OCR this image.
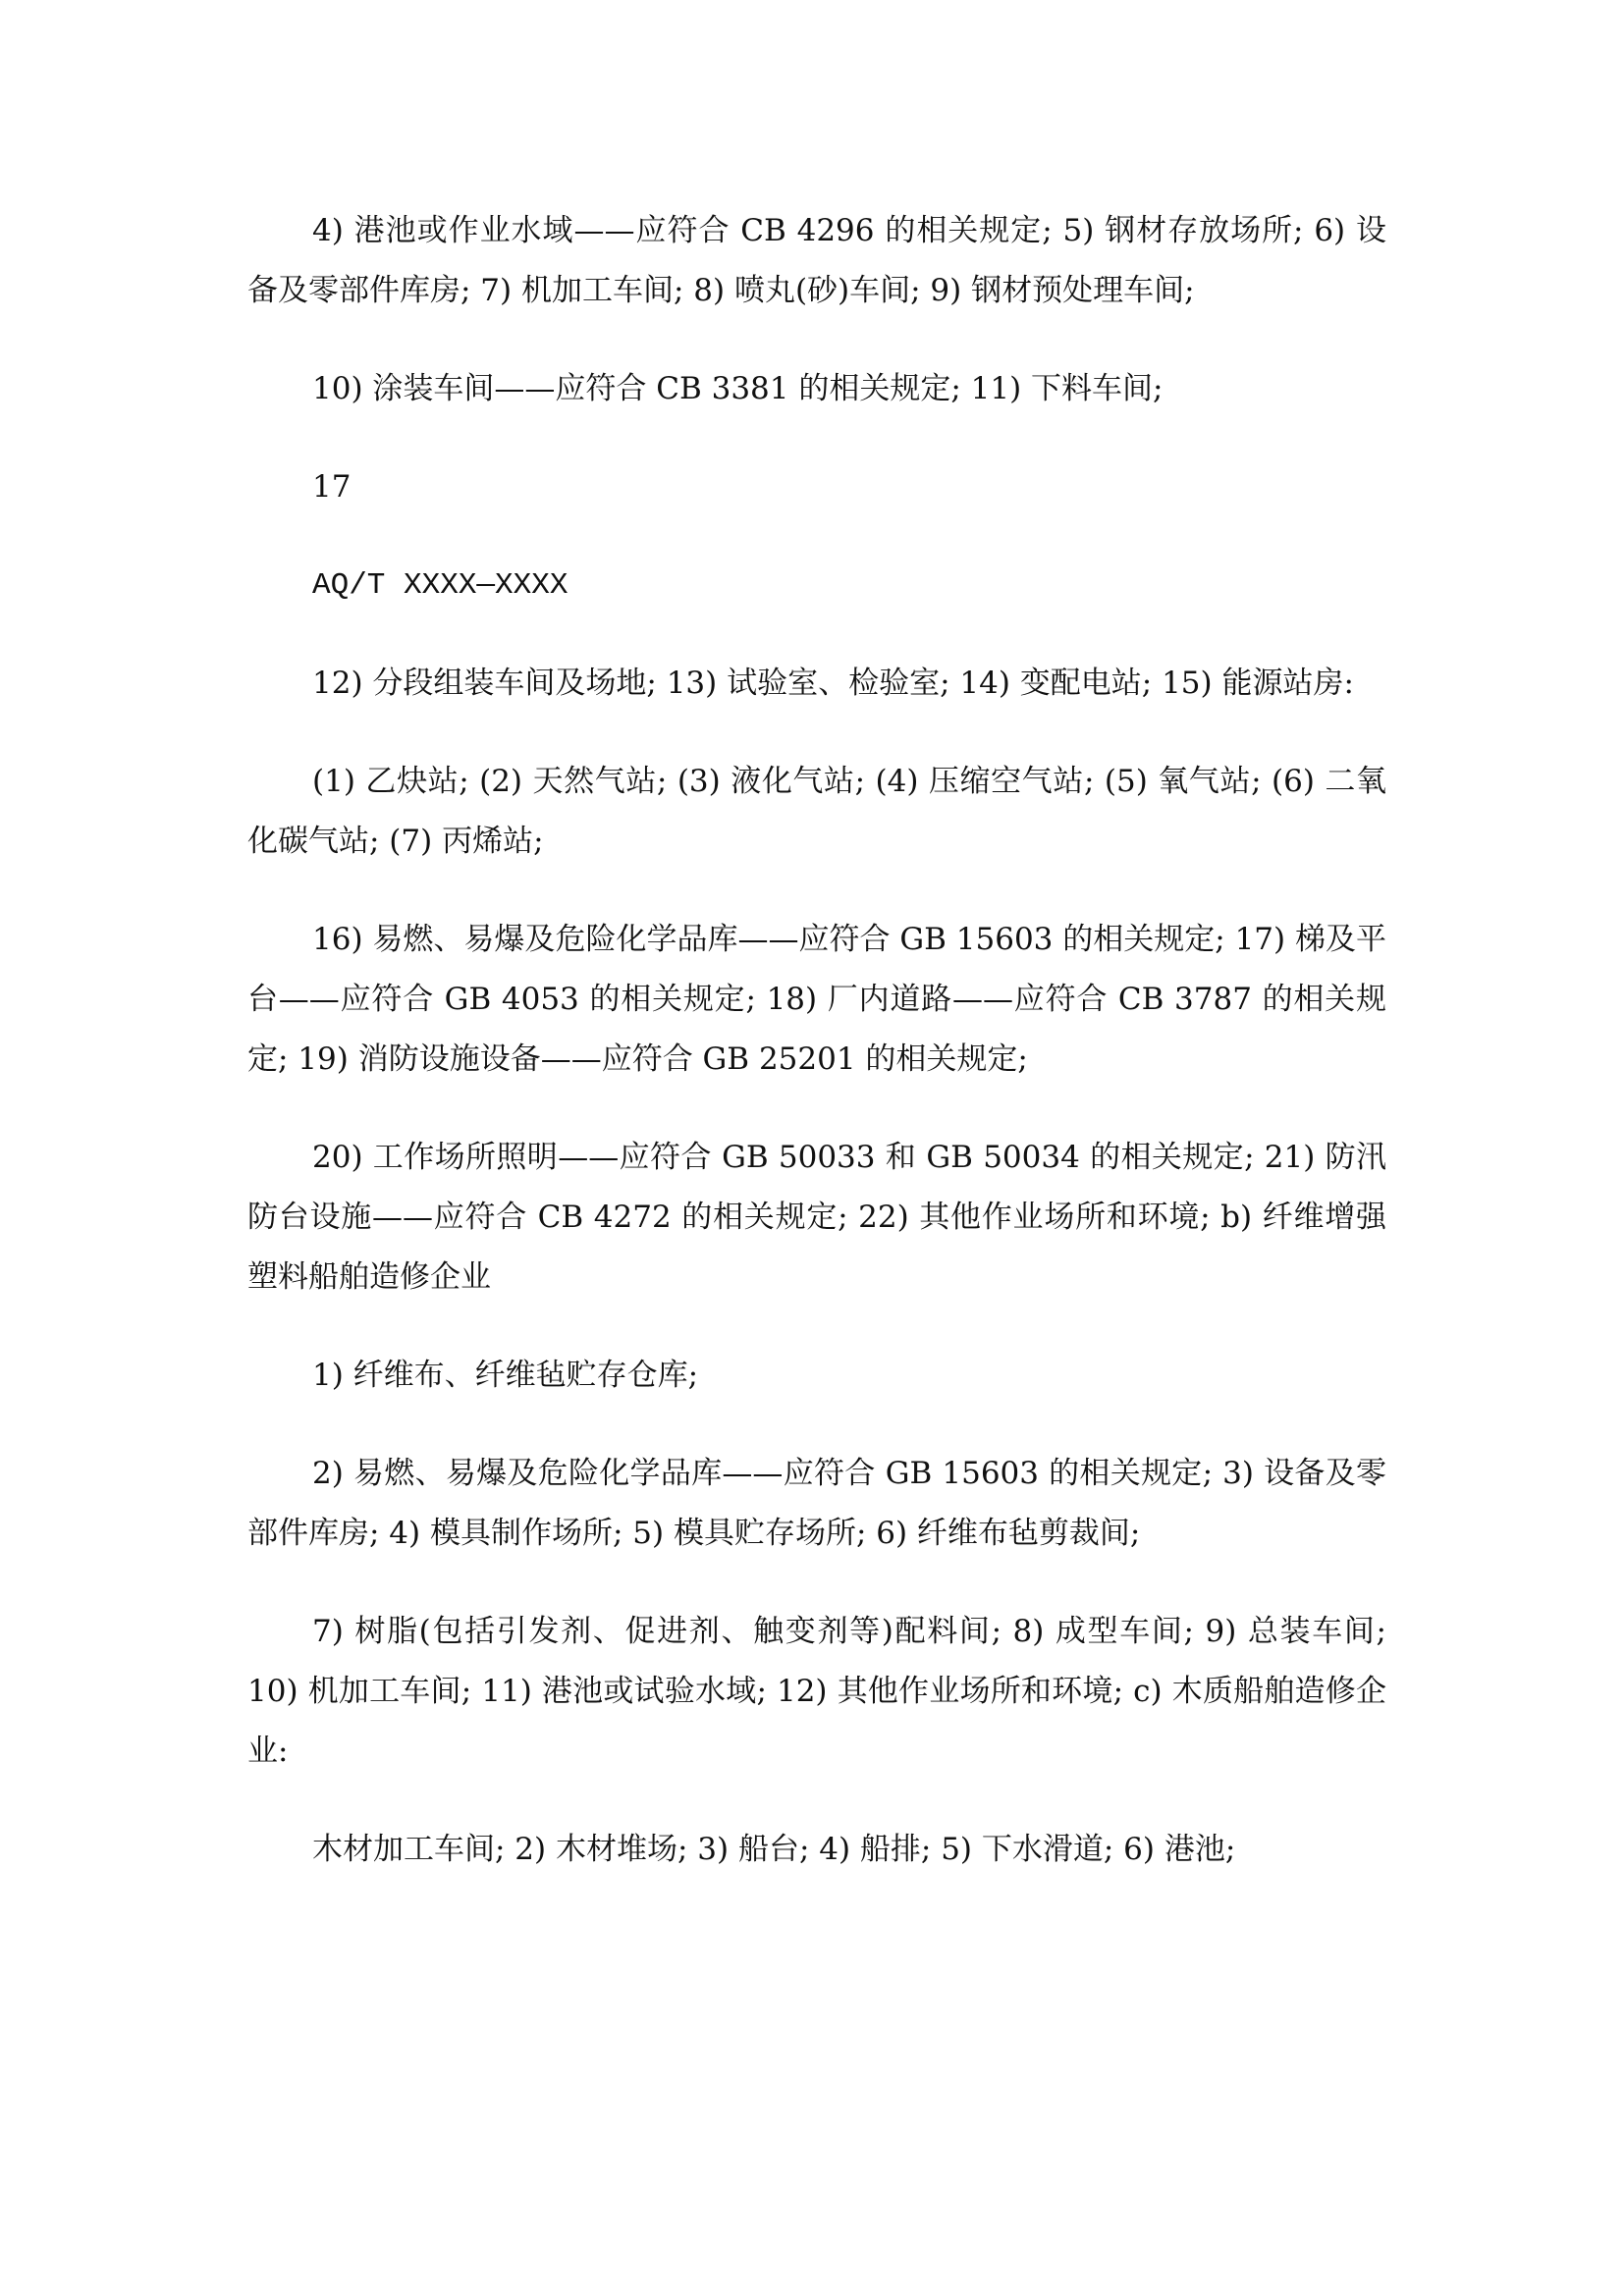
4) 港池或作业水域——应符合 CB 4296 的相关规定; 5) 钢材存放场所; 6) 设备及零部件库房; 7) 机加工车间; 8) 喷丸(砂)车间; 9) 钢材预处理车间;

10) 涂装车间——应符合 CB 3381 的相关规定; 11) 下料车间;

17

AQ/T XXXX—XXXX

12) 分段组装车间及场地; 13) 试验室、检验室; 14) 变配电站; 15) 能源站房:

(1) 乙炔站; (2) 天然气站; (3) 液化气站; (4) 压缩空气站; (5) 氧气站; (6) 二氧化碳气站; (7) 丙烯站;

16) 易燃、易爆及危险化学品库——应符合 GB 15603 的相关规定; 17) 梯及平台——应符合 GB 4053 的相关规定; 18) 厂内道路——应符合 CB 3787 的相关规定; 19) 消防设施设备——应符合 GB 25201 的相关规定;

20) 工作场所照明——应符合 GB 50033 和 GB 50034 的相关规定; 21) 防汛防台设施——应符合 CB 4272 的相关规定; 22) 其他作业场所和环境; b) 纤维增强塑料船舶造修企业

1) 纤维布、纤维毡贮存仓库;

2) 易燃、易爆及危险化学品库——应符合 GB 15603 的相关规定; 3) 设备及零部件库房; 4) 模具制作场所; 5) 模具贮存场所; 6) 纤维布毡剪裁间;

7) 树脂(包括引发剂、促进剂、触变剂等)配料间; 8) 成型车间; 9) 总装车间; 10) 机加工车间; 11) 港池或试验水域; 12) 其他作业场所和环境; c) 木质船舶造修企业:

木材加工车间; 2) 木材堆场; 3) 船台; 4) 船排; 5) 下水滑道; 6) 港池;
